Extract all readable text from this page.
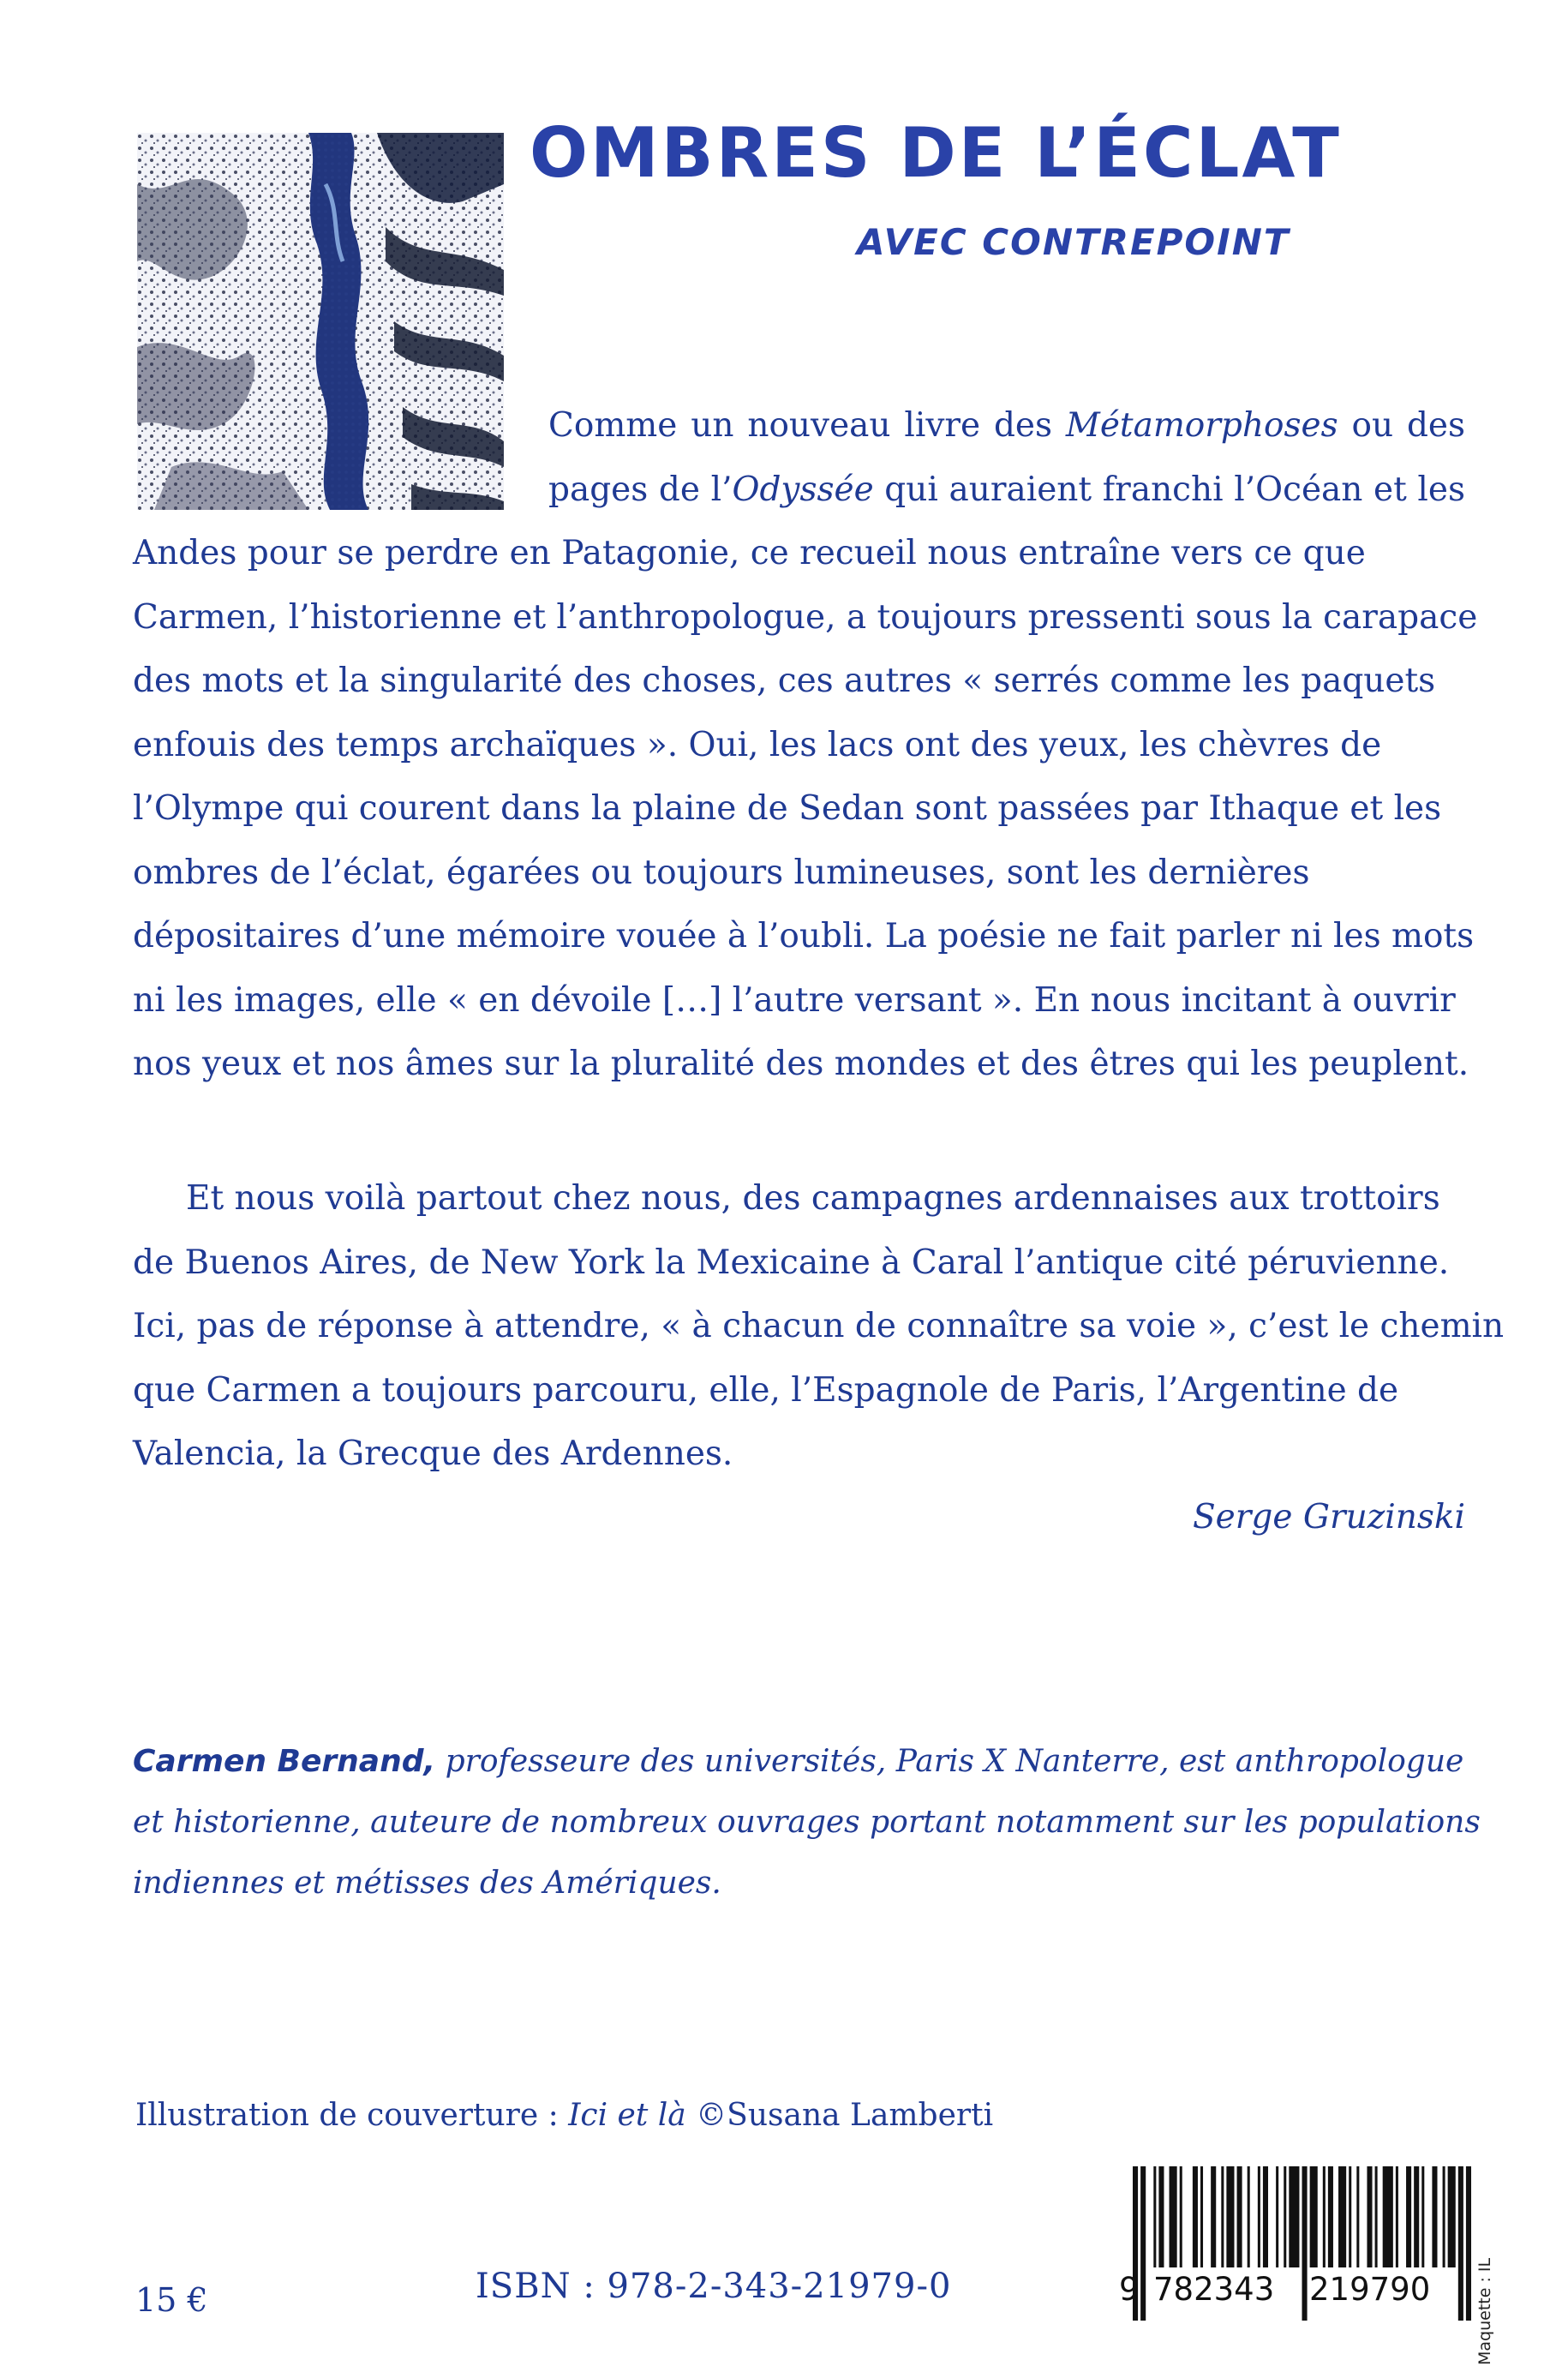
OMBRES DE L’ÉCLAT
AVEC CONTREPOINT
Comme un nouveau livre des Métamorphoses ou des
pages de l’Odyssée qui auraient franchi l’Océan et les
Andes pour se perdre en Patagonie, ce recueil nous entraîne vers ce que
Carmen, l’historienne et l’anthropologue, a toujours pressenti sous la carapace
des mots et la singularité des choses, ces autres « serrés comme les paquets
enfouis des temps archaïques ». Oui, les lacs ont des yeux, les chèvres de
l’Olympe qui courent dans la plaine de Sedan sont passées par Ithaque et les
ombres de l’éclat, égarées ou toujours lumineuses, sont les dernières
dépositaires d’une mémoire vouée à l’oubli. La poésie ne fait parler ni les mots
ni les images, elle « en dévoile […] l’autre versant ». En nous incitant à ouvrir
nos yeux et nos âmes sur la pluralité des mondes et des êtres qui les peuplent.
Et nous voilà partout chez nous, des campagnes ardennaises aux trottoirs
de Buenos Aires, de New York la Mexicaine à Caral l’antique cité péruvienne.
Ici, pas de réponse à attendre, « à chacun de connaître sa voie », c’est le chemin
que Carmen a toujours parcouru, elle, l’Espagnole de Paris, l’Argentine de
Valencia, la Grecque des Ardennes.
Serge Gruzinski
Carmen Bernand, professeure des universités, Paris X Nanterre, est anthropologue
et historienne, auteure de nombreux ouvrages portant notamment sur les populations
indiennes et métisses des Amériques.
Illustration de couverture : Ici et là ©Susana Lamberti
15 €	ISBN : 978-2-343-21979-0	9 782343 219790	Maquette : IL
